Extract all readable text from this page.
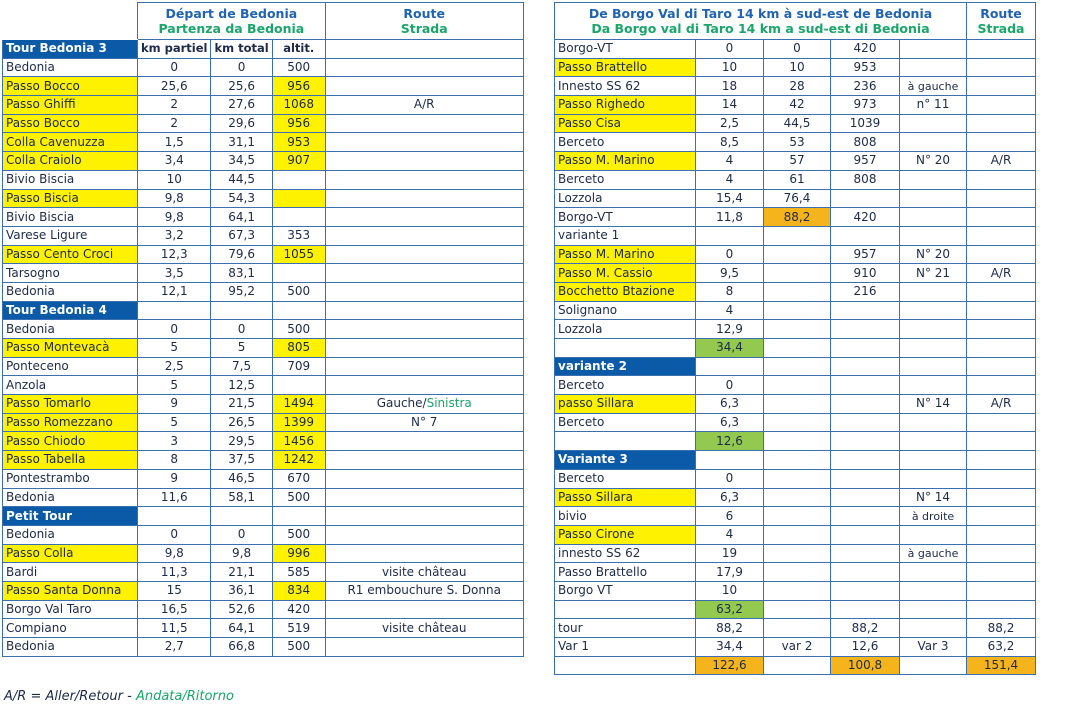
	Départ de Bedonia
Partenza da Bedonia			Route
Strada

Tour Bedonia 3	km partiel	km total	altit.	
Bedonia	0	0	500	
Passo Bocco	25,6	25,6	956	
Passo Ghiffi	2	27,6	1068	A/R
Passo Bocco	2	29,6	956	
Colla Cavenuzza	1,5	31,1	953	
Colla Craiolo	3,4	34,5	907	
Bivio Biscia	10	44,5		
Passo Biscia	9,8	54,3		
Bivio Biscia	9,8	64,1		
Varese Ligure	3,2	67,3	353	
Passo Cento Croci	12,3	79,6	1055	
Tarsogno	3,5	83,1		
Bedonia	12,1	95,2	500	
Tour Bedonia 4				
Bedonia	0	0	500	
Passo Montevacà	5	5	805	
Ponteceno	2,5	7,5	709	
Anzola	5	12,5		
Passo Tomarlo	9	21,5	1494	Gauche/Sinistra
Passo Romezzano	5	26,5	1399	N° 7
Passo Chiodo	3	29,5	1456	
Passo Tabella	8	37,5	1242	
Pontestrambo	9	46,5	670	
Bedonia	11,6	58,1	500	
Petit Tour				
Bedonia	0	0	500	
Passo Colla	9,8	9,8	996	
Bardi	11,3	21,1	585	visite château
Passo Santa Donna	15	36,1	834	R1 embouchure S. Donna
Borgo Val Taro	16,5	52,6	420	
Compiano	11,5	64,1	519	visite château
Bedonia	2,7	66,8	500	
De Borgo Val di Taro 14 km à sud-est de Bedonia
Da Borgo val di Taro 14 km a sud-est di Bedonia					Route
Strada

Borgo-VT	0	0	420		
Passo Brattello	10	10	953		
Innesto SS 62	18	28	236	à gauche	
Passo Righedo	14	42	973	n° 11	
Passo Cisa	2,5	44,5	1039		
Berceto	8,5	53	808		
Passo M. Marino	4	57	957	N° 20	A/R
Berceto	4	61	808		
Lozzola	15,4	76,4			
Borgo-VT	11,8	88,2	420		
variante 1					
Passo M. Marino	0		957	N° 20	
Passo M. Cassio	9,5		910	N° 21	A/R
Bocchetto Btazione	8		216		
Solignano	4				
Lozzola	12,9				
	34,4				
variante 2					
Berceto	0				
passo Sillara	6,3			N° 14	A/R
Berceto	6,3				
	12,6				
Variante 3					
Berceto	0				
Passo Sillara	6,3			N° 14	
bivio	6			à droite	
Passo Cirone	4				
innesto SS 62	19			à gauche	
Passo Brattello	17,9				
Borgo VT	10				
	63,2				
tour	88,2		88,2		88,2
Var 1	34,4	var 2	12,6	Var 3	63,2
	122,6		100,8		151,4
A/R = Aller/Retour - Andata/Ritorno
